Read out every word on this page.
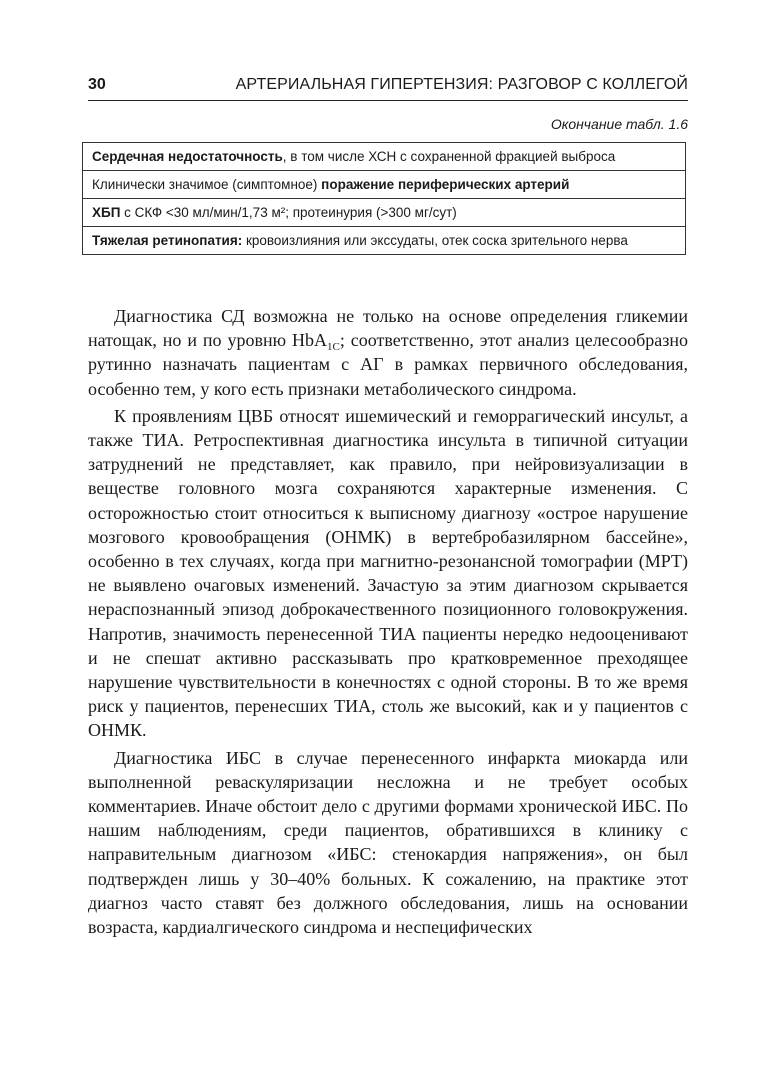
30	АРТЕРИАЛЬНАЯ ГИПЕРТЕНЗИЯ: РАЗГОВОР С КОЛЛЕГОЙ
Окончание табл. 1.6
Сердечная недостаточность, в том числе ХСН с сохраненной фракцией выброса
Клинически значимое (симптомное) поражение периферических артерий
ХБП с СКФ <30 мл/мин/1,73 м²; протеинурия (>300 мг/сут)
Тяжелая ретинопатия: кровоизлияния или экссудаты, отек соска зрительного нерва

Диагностика СД возможна не только на основе определения гликемии натощак, но и по уровню HbA$_{1C}$; соответственно, этот анализ целесообразно рутинно назначать пациентам с АГ в рамках первичного обследования, особенно тем, у кого есть признаки метаболического синдрома.

К проявлениям ЦВБ относят ишемический и геморрагический инсульт, а также ТИА. Ретроспективная диагностика инсульта в типичной ситуации затруднений не представляет, как правило, при нейровизуализации в веществе головного мозга сохраняются характерные изменения. С осторожностью стоит относиться к выписному диагнозу «острое нарушение мозгового кровообращения (ОНМК) в вертебробазилярном бассейне», особенно в тех случаях, когда при магнитно-резонансной томографии (МРТ) не выявлено очаговых изменений. Зачастую за этим диагнозом скрывается нераспознанный эпизод доброкачественного позиционного головокружения. Напротив, значимость перенесенной ТИА пациенты нередко недооценивают и не спешат активно рассказывать про кратковременное преходящее нарушение чувствительности в конечностях с одной стороны. В то же время риск у пациентов, перенесших ТИА, столь же высокий, как и у пациентов с ОНМК.

Диагностика ИБС в случае перенесенного инфаркта миокарда или выполненной реваскуляризации несложна и не требует особых комментариев. Иначе обстоит дело с другими формами хронической ИБС. По нашим наблюдениям, среди пациентов, обратившихся в клинику с направительным диагнозом «ИБС: стенокардия напряжения», он был подтвержден лишь у 30–40% больных. К сожалению, на практике этот диагноз часто ставят без должного обследования, лишь на основании возраста, кардиалгического синдрома и неспецифических
